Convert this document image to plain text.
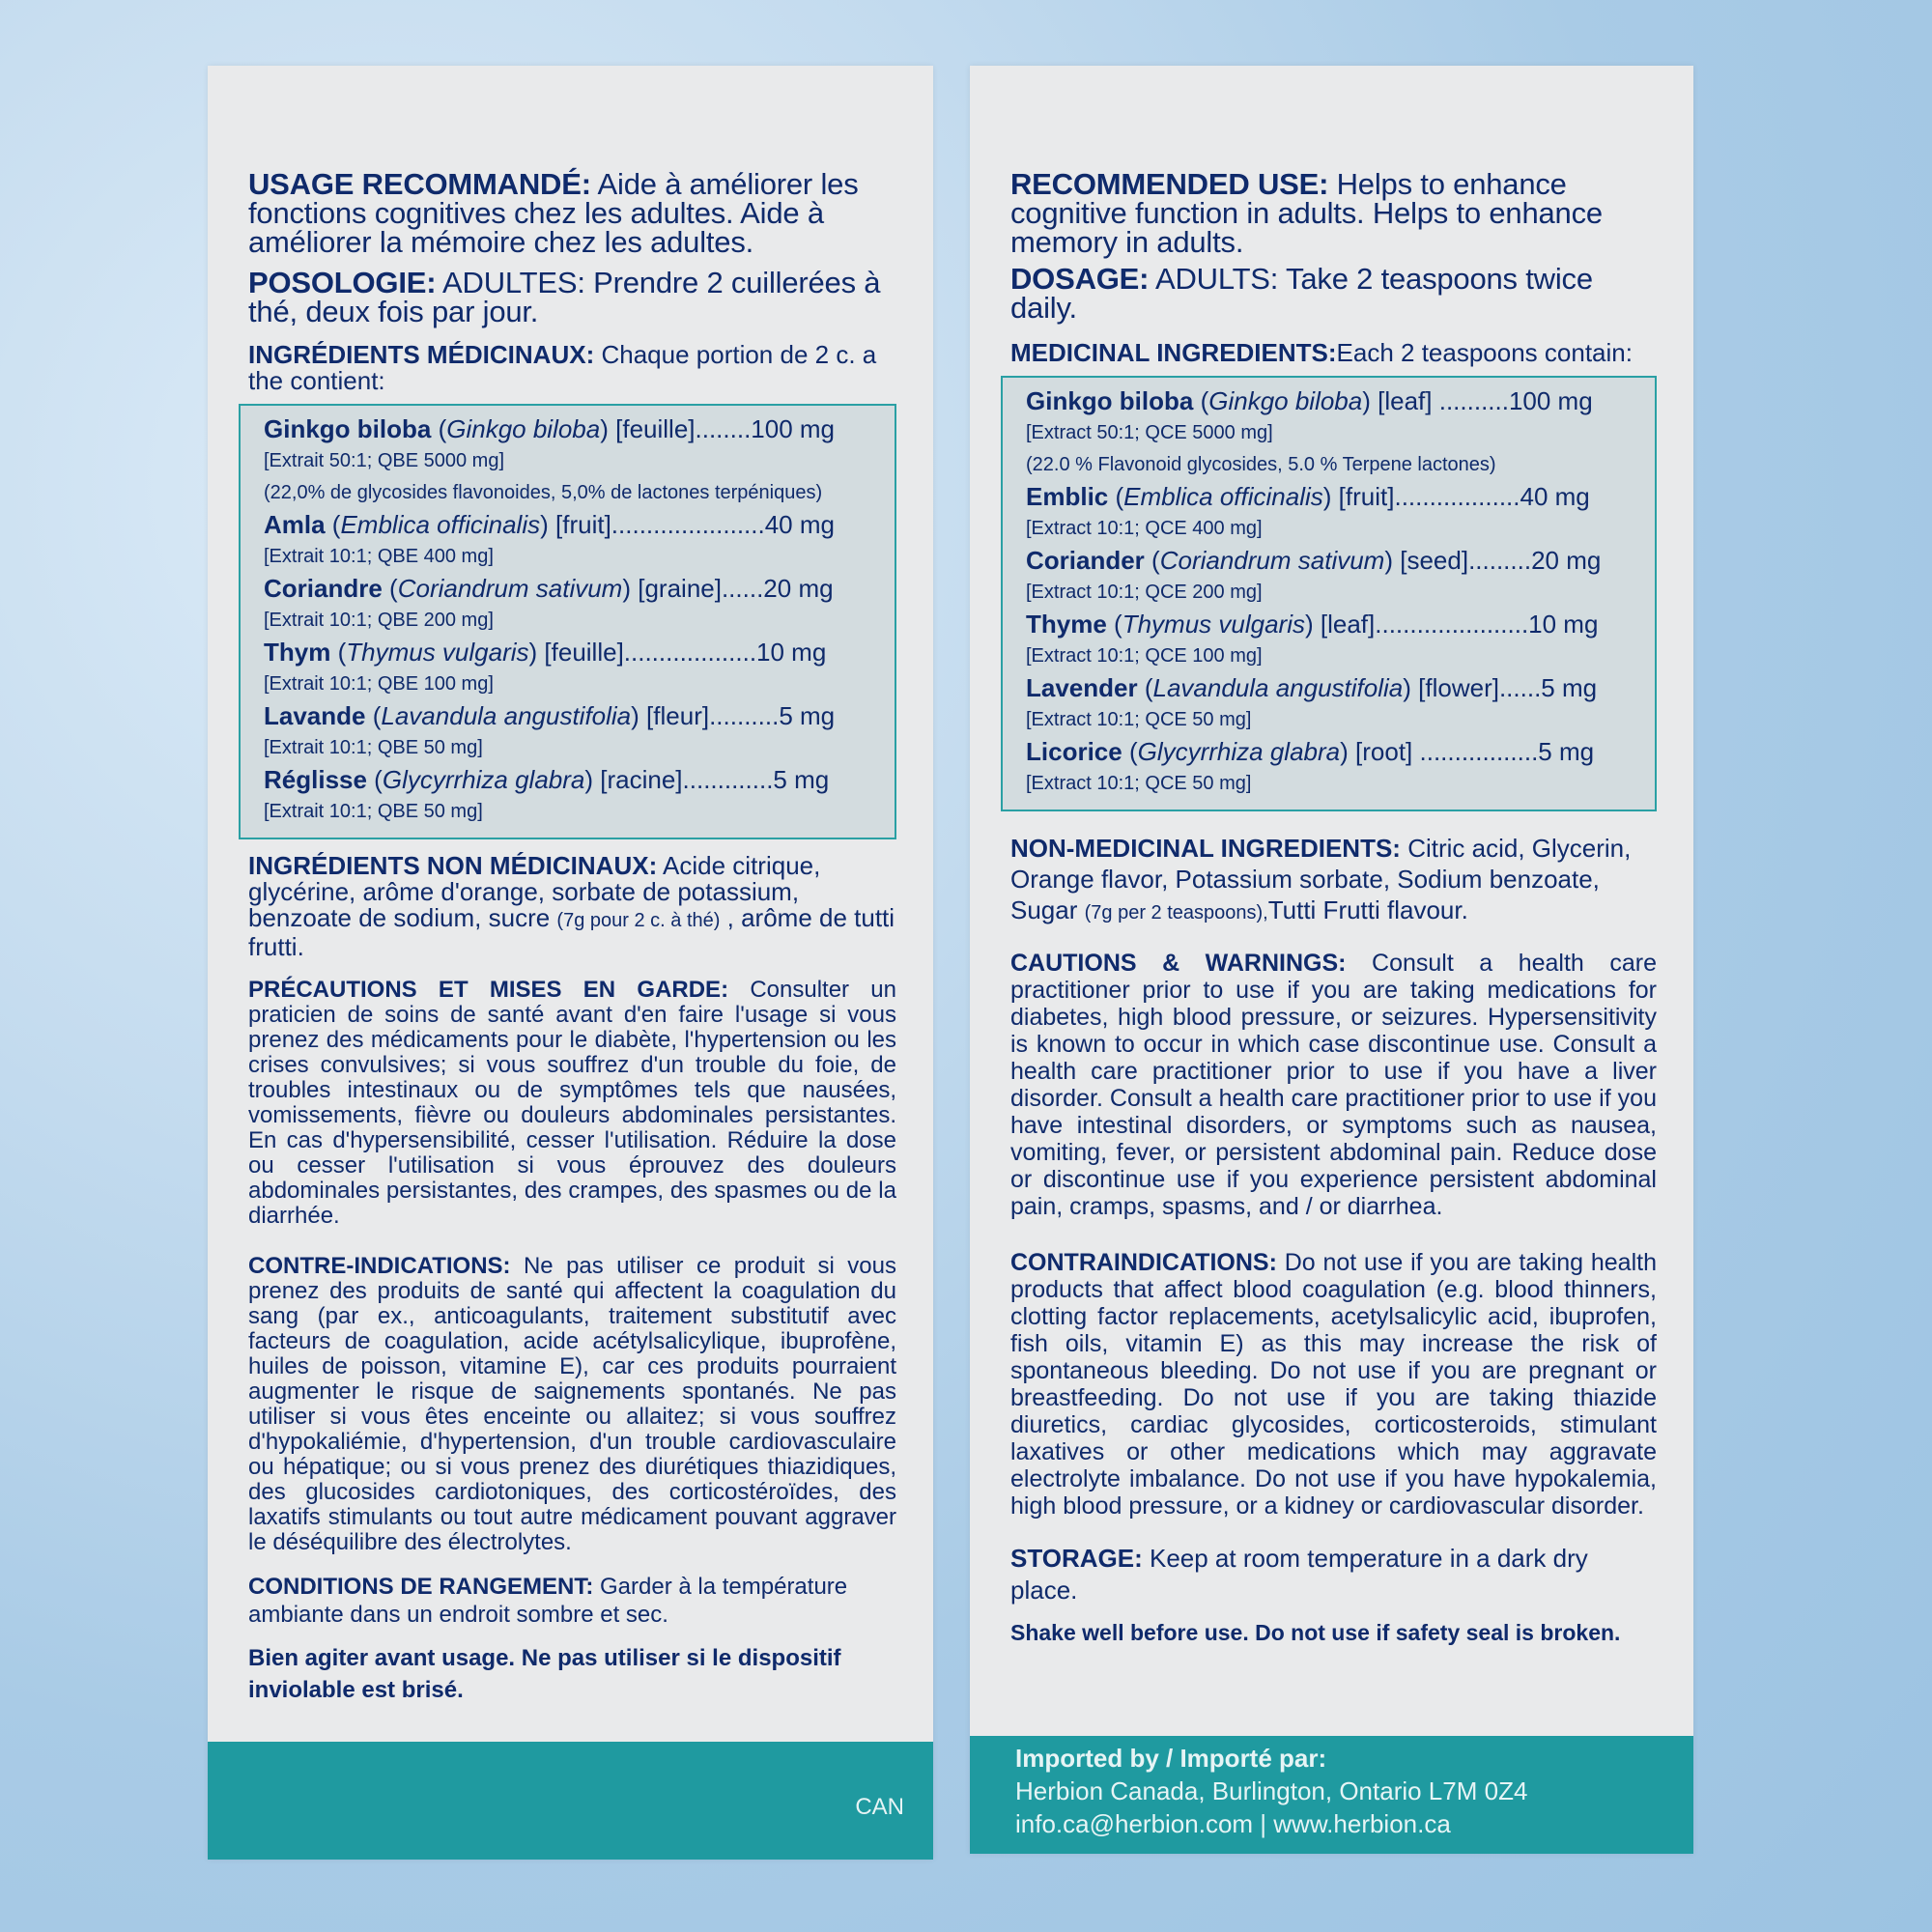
USAGE RECOMMANDÉ: Aide à améliorer les fonctions cognitives chez les adultes. Aide à améliorer la mémoire chez les adultes.

POSOLOGIE: ADULTES: Prendre 2 cuillerées à thé, deux fois par jour.

INGRÉDIENTS MÉDICINAUX: Chaque portion de 2 c. a the contient:

Ginkgo biloba (Ginkgo biloba) [feuille]........100 mg
[Extrait 50:1; QBE 5000 mg]
(22,0% de glycosides flavonoides, 5,0% de lactones terpéniques)
Amla (Emblica officinalis) [fruit]......................40 mg
[Extrait 10:1; QBE 400 mg]
Coriandre (Coriandrum sativum) [graine]......20 mg
[Extrait 10:1; QBE 200 mg]
Thym (Thymus vulgaris) [feuille]...................10 mg
[Extrait 10:1; QBE 100 mg]
Lavande (Lavandula angustifolia) [fleur]..........5 mg
[Extrait 10:1; QBE 50 mg]
Réglisse (Glycyrrhiza glabra) [racine].............5 mg
[Extrait 10:1; QBE 50 mg]

INGRÉDIENTS NON MÉDICINAUX: Acide citrique, glycérine, arôme d'orange, sorbate de potassium, benzoate de sodium, sucre (7g pour 2 c. à thé) , arôme de tutti frutti.

PRÉCAUTIONS ET MISES EN GARDE: Consulter un praticien de soins de santé avant d'en faire l'usage si vous prenez des médicaments pour le diabète, l'hypertension ou les crises convulsives; si vous souffrez d'un trouble du foie, de troubles intestinaux ou de symptômes tels que nausées, vomissements, fièvre ou douleurs abdominales persistantes. En cas d'hypersensibilité, cesser l'utilisation. Réduire la dose ou cesser l'utilisation si vous éprouvez des douleurs abdominales persistantes, des crampes, des spasmes ou de la diarrhée.

CONTRE-INDICATIONS: Ne pas utiliser ce produit si vous prenez des produits de santé qui affectent la coagulation du sang (par ex., anticoagulants, traitement substitutif avec facteurs de coagulation, acide acétylsalicylique, ibuprofène, huiles de poisson, vitamine E), car ces produits pourraient augmenter le risque de saignements spontanés. Ne pas utiliser si vous êtes enceinte ou allaitez; si vous souffrez d'hypokaliémie, d'hypertension, d'un trouble cardiovasculaire ou hépatique; ou si vous prenez des diurétiques thiazidiques, des glucosides cardiotoniques, des corticostéroïdes, des laxatifs stimulants ou tout autre médicament pouvant aggraver le déséquilibre des électrolytes.

CONDITIONS DE RANGEMENT: Garder à la température ambiante dans un endroit sombre et sec.

Bien agiter avant usage. Ne pas utiliser si le dispositif inviolable est brisé.

CAN

RECOMMENDED USE: Helps to enhance cognitive function in adults. Helps to enhance memory in adults.

DOSAGE: ADULTS: Take 2 teaspoons twice daily.

MEDICINAL INGREDIENTS:Each 2 teaspoons contain:

Ginkgo biloba (Ginkgo biloba) [leaf] ..........100 mg
[Extract 50:1; QCE 5000 mg]
(22.0 % Flavonoid glycosides, 5.0 % Terpene lactones)
Emblic (Emblica officinalis) [fruit]..................40 mg
[Extract 10:1; QCE 400 mg]
Coriander (Coriandrum sativum) [seed].........20 mg
[Extract 10:1; QCE 200 mg]
Thyme (Thymus vulgaris) [leaf]......................10 mg
[Extract 10:1; QCE 100 mg]
Lavender (Lavandula angustifolia) [flower]......5 mg
[Extract 10:1; QCE 50 mg]
Licorice (Glycyrrhiza glabra) [root] .................5 mg
[Extract 10:1; QCE 50 mg]

NON-MEDICINAL INGREDIENTS: Citric acid, Glycerin, Orange flavor, Potassium sorbate, Sodium benzoate, Sugar (7g per 2 teaspoons),Tutti Frutti flavour.

CAUTIONS & WARNINGS: Consult a health care practitioner prior to use if you are taking medications for diabetes, high blood pressure, or seizures. Hypersensitivity is known to occur in which case discontinue use. Consult a health care practitioner prior to use if you have a liver disorder. Consult a health care practitioner prior to use if you have intestinal disorders, or symptoms such as nausea, vomiting, fever, or persistent abdominal pain. Reduce dose or discontinue use if you experience persistent abdominal pain, cramps, spasms, and / or diarrhea.

CONTRAINDICATIONS: Do not use if you are taking health products that affect blood coagulation (e.g. blood thinners, clotting factor replacements, acetylsalicylic acid, ibuprofen, fish oils, vitamin E) as this may increase the risk of spontaneous bleeding. Do not use if you are pregnant or breastfeeding. Do not use if you are taking thiazide diuretics, cardiac glycosides, corticosteroids, stimulant laxatives or other medications which may aggravate electrolyte imbalance. Do not use if you have hypokalemia, high blood pressure, or a kidney or cardiovascular disorder.

STORAGE: Keep at room temperature in a dark dry place.

Shake well before use. Do not use if safety seal is broken.

Imported by / Importé par:
Herbion Canada, Burlington, Ontario L7M 0Z4
info.ca@herbion.com | www.herbion.ca
